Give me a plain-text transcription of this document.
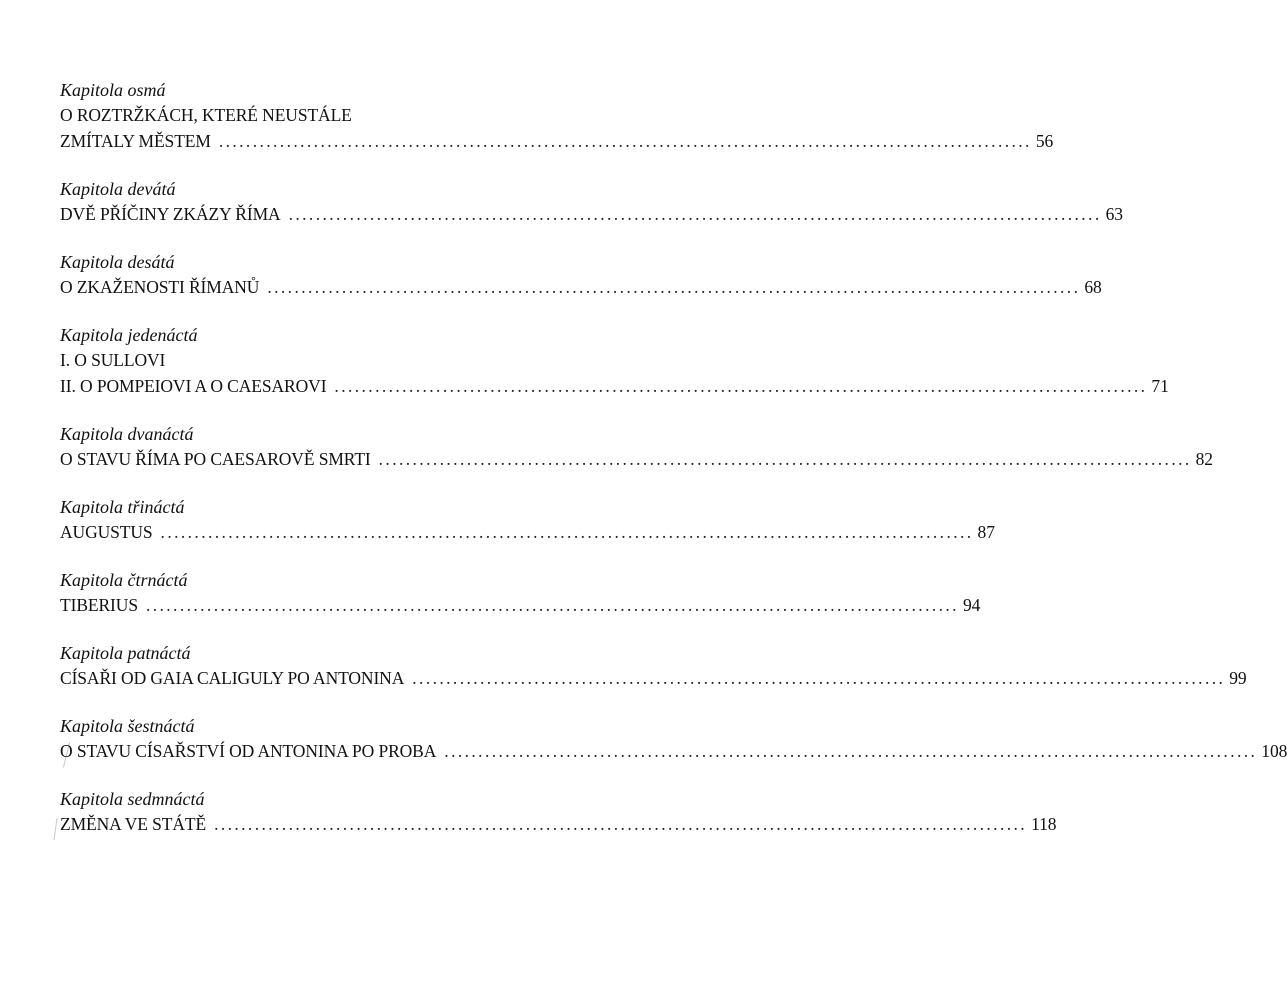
Kapitola osmá
O ROZTRŽKÁCH, KTERÉ NEUSTÁLE
ZMÍTALY MĚSTEM ........................................................................................................................ 56
Kapitola devátá
DVĚ PŘÍČINY ZKÁZY ŘÍMA ........................................................................................................................ 63
Kapitola desátá
O ZKAŽENOSTI ŘÍMANŮ ........................................................................................................................ 68
Kapitola jedenáctá
I. O SULLOVI
II. O POMPEIOVI A O CAESAROVI ........................................................................................................................ 71
Kapitola dvanáctá
O STAVU ŘÍMA PO CAESAROVĚ SMRTI ........................................................................................................................ 82
Kapitola třináctá
AUGUSTUS ........................................................................................................................ 87
Kapitola čtrnáctá
TIBERIUS ........................................................................................................................ 94
Kapitola patnáctá
CÍSAŘI OD GAIA CALIGULY PO ANTONINA ........................................................................................................................ 99
Kapitola šestnáctá
O STAVU CÍSAŘSTVÍ OD ANTONINA PO PROBA ........................................................................................................................ 108
Kapitola sedmnáctá
ZMĚNA VE STÁTĚ ........................................................................................................................ 118
